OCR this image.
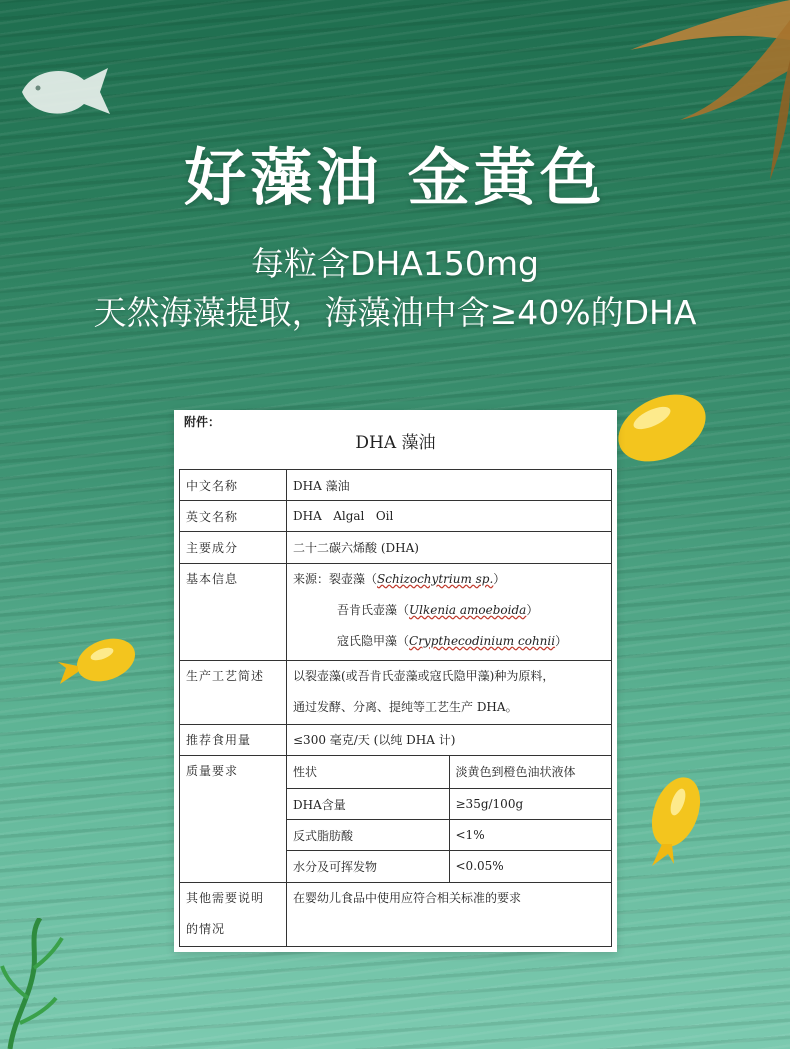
好藻油 金黄色
每粒含DHA150mg
天然海藻提取，海藻油中含≥40%的DHA
附件：
DHA 藻油
中文名称	DHA 藻油	
英文名称	DHA   Algal   Oil	
主要成分	二十二碳六烯酸 (DHA)	
基本信息	来源：裂壶藻（Schizochytrium sp.）
吾肯氏壶藻（Ulkenia amoeboida）
寇氏隐甲藻（Crypthecodinium cohnii）	

生产工艺简述	以裂壶藻(或吾肯氏壶藻或寇氏隐甲藻)种为原料，
通过发酵、分离、提纯等工艺生产 DHA。	

推荐食用量	≤300 毫克/天 (以纯 DHA 计)	
质量要求	性状	淡黄色到橙色油状液体
	DHA含量	≥35g/100g
	反式脂肪酸	<1%
	水分及可挥发物	<0.05%

其他需要说明
的情况	在婴幼儿食品中使用应符合相关标准的要求	
